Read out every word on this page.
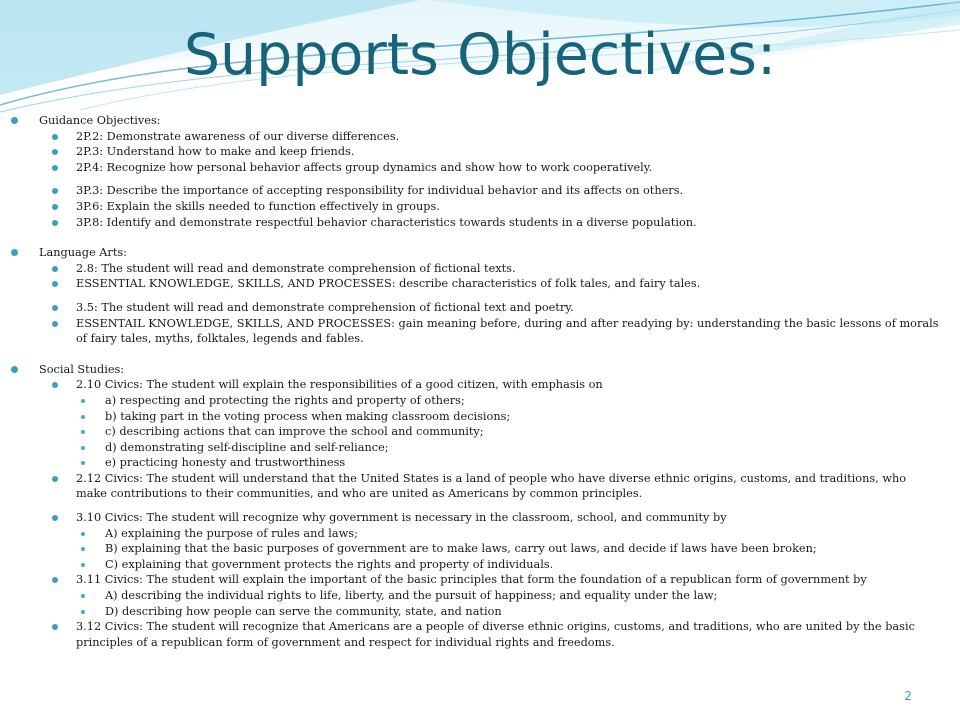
Supports Objectives:
Guidance Objectives:
2P.2: Demonstrate awareness of our diverse differences.
2P.3: Understand how to make and keep friends.
2P.4: Recognize how personal behavior affects group dynamics and show how to work cooperatively.
3P.3: Describe the importance of accepting responsibility for individual behavior and its affects on others.
3P.6: Explain the skills needed to function effectively in groups.
3P.8: Identify and demonstrate respectful behavior characteristics towards students in a diverse population.
Language Arts:
2.8: The student will read and demonstrate comprehension of fictional texts.
ESSENTIAL KNOWLEDGE, SKILLS, AND PROCESSES: describe characteristics of folk tales, and fairy tales.
3.5: The student will read and demonstrate comprehension of fictional text and poetry.
ESSENTAIL KNOWLEDGE, SKILLS, AND PROCESSES: gain meaning before, during and after readying by: understanding the basic lessons of morals of fairy tales, myths, folktales, legends and fables.
Social Studies:
2.10 Civics: The student will explain the responsibilities of a good citizen, with emphasis on
a) respecting and protecting the rights and property of others;
b) taking part in the voting process when making classroom decisions;
c) describing actions that can improve the school and community;
d) demonstrating self-discipline and self-reliance;
e) practicing honesty and trustworthiness
2.12 Civics: The student will understand that the United States is a land of people who have diverse ethnic origins, customs, and traditions, who make contributions to their communities, and who are united as Americans by common principles.
3.10 Civics: The student will recognize why government is necessary in the classroom, school, and community by
A) explaining the purpose of rules and laws;
B) explaining that the basic purposes of government are to make laws, carry out laws, and decide if laws have been broken;
C) explaining that government protects the rights and property of individuals.
3.11 Civics: The student will explain the important of the basic principles that form the foundation of a republican form of government by
A) describing the individual rights to life, liberty, and the pursuit of happiness; and equality under the law;
D) describing how people can serve the community, state, and nation
3.12 Civics: The student will recognize that Americans are a people of diverse ethnic origins, customs, and traditions, who are united by the basic principles of a republican form of government and respect for individual rights and freedoms.
2
